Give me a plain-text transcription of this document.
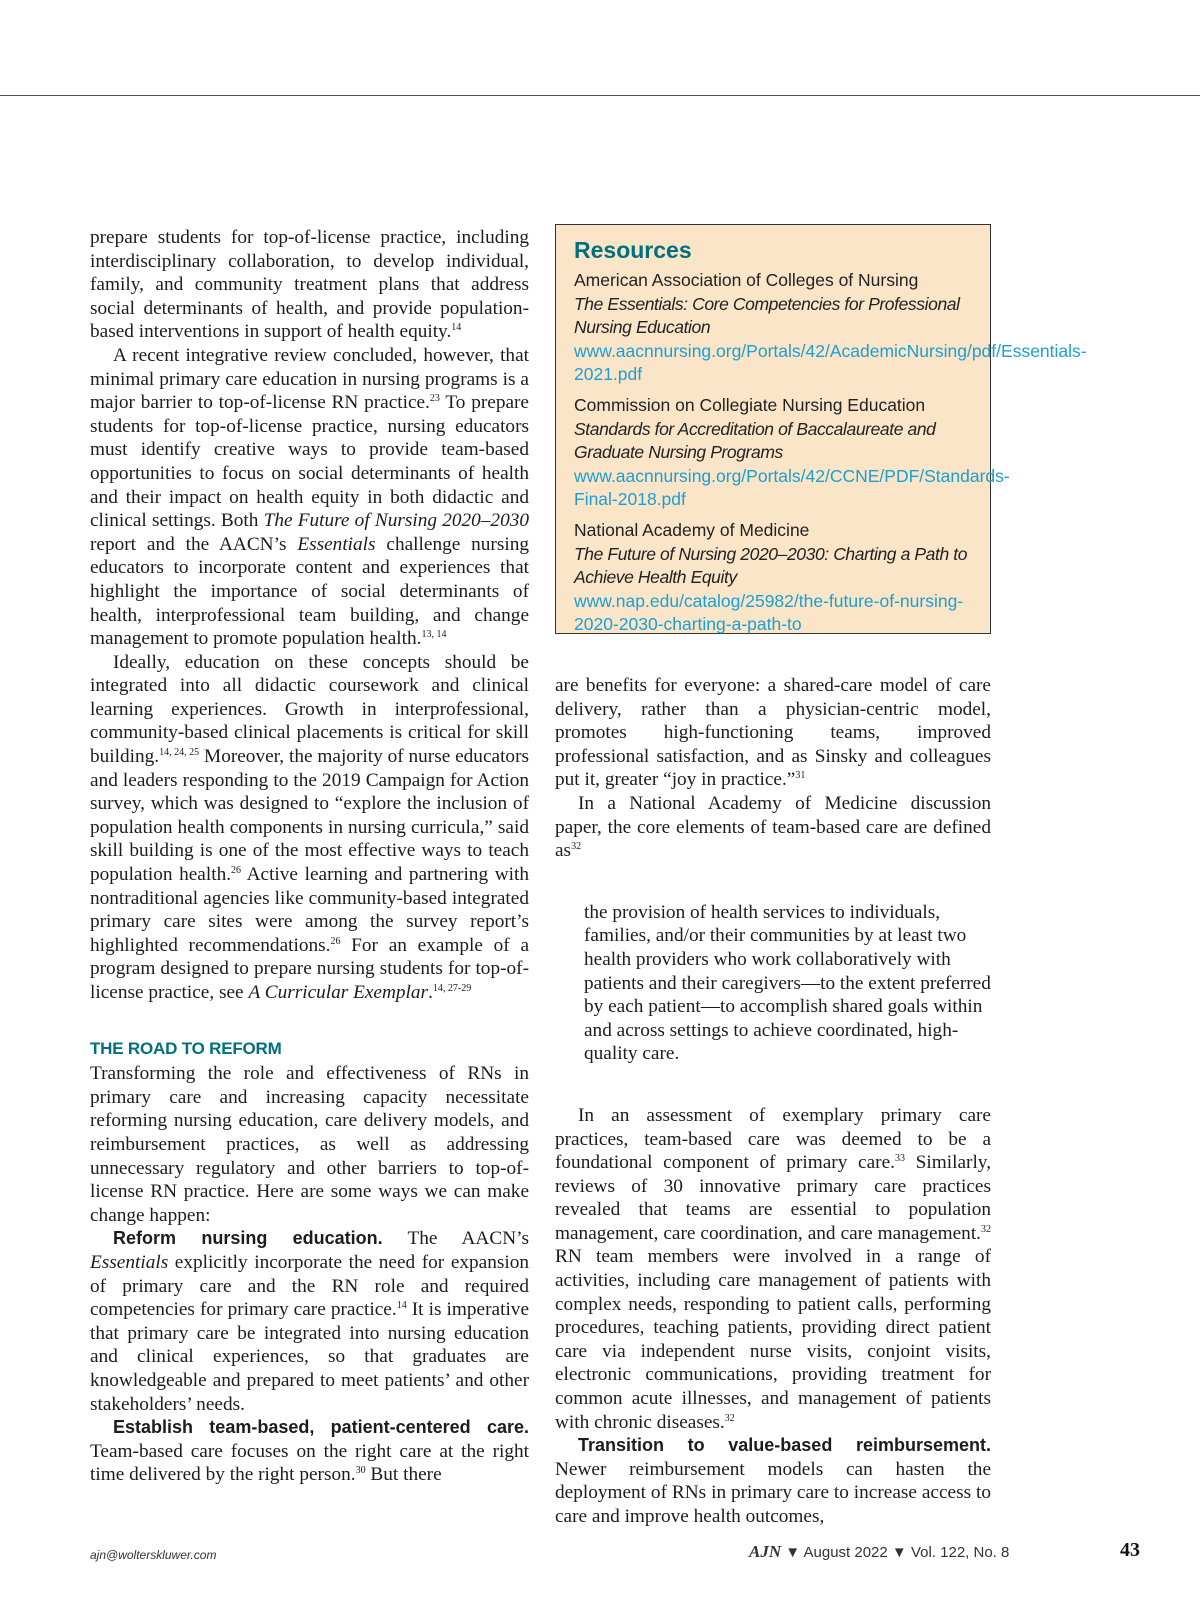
prepare students for top-of-license practice, including interdisciplinary collaboration, to develop individual, family, and community treatment plans that address social determinants of health, and provide population-based interventions in support of health equity.$^{14}$

A recent integrative review concluded, however, that minimal primary care education in nursing programs is a major barrier to top-of-license RN practice.$^{23}$ To prepare students for top-of-license practice, nursing educators must identify creative ways to provide team-based opportunities to focus on social determinants of health and their impact on health equity in both didactic and clinical settings. Both The Future of Nursing 2020–2030 report and the AACN’s Essentials challenge nursing educators to incorporate content and experiences that highlight the importance of social determinants of health, interprofessional team building, and change management to promote population health.$^{13, 14}$

Ideally, education on these concepts should be integrated into all didactic coursework and clinical learning experiences. Growth in interprofessional, community-based clinical placements is critical for skill building.$^{14, 24, 25}$ Moreover, the majority of nurse educators and leaders responding to the 2019 Campaign for Action survey, which was designed to “explore the inclusion of population health components in nursing curricula,” said skill building is one of the most effective ways to teach population health.$^{26}$ Active learning and partnering with nontraditional agencies like community-based integrated primary care sites were among the survey report’s highlighted recommendations.$^{26}$ For an example of a program designed to prepare nursing students for top-of-license practice, see A Curricular Exemplar.$^{14, 27-29}$

THE ROAD TO REFORM

Transforming the role and effectiveness of RNs in primary care and increasing capacity necessitate reforming nursing education, care delivery models, and reimbursement practices, as well as addressing unnecessary regulatory and other barriers to top-of-license RN practice. Here are some ways we can make change happen:

Reform nursing education. The AACN’s Essentials explicitly incorporate the need for expansion of primary care and the RN role and required competencies for primary care practice.$^{14}$ It is imperative that primary care be integrated into nursing education and clinical experiences, so that graduates are knowledgeable and prepared to meet patients’ and other stakeholders’ needs.

Establish team-based, patient-centered care. Team-based care focuses on the right care at the right time delivered by the right person.$^{30}$ But there

Resources
American Association of Colleges of Nursing
The Essentials: Core Competencies for Professional Nursing Education www.aacnnursing.org/Portals/42/AcademicNursing/pdf/Essentials-2021.pdf
Commission on Collegiate Nursing Education
Standards for Accreditation of Baccalaureate and Graduate Nursing Programs www.aacnnursing.org/Portals/42/CCNE/PDF/Standards-Final-2018.pdf
National Academy of Medicine
The Future of Nursing 2020–2030: Charting a Path to Achieve Health Equity www.nap.edu/catalog/25982/the-future-of-nursing-2020-2030-charting-a-path-to

are benefits for everyone: a shared-care model of care delivery, rather than a physician-centric model, promotes high-functioning teams, improved professional satisfaction, and as Sinsky and colleagues put it, greater “joy in practice.”$^{31}$

In a National Academy of Medicine discussion paper, the core elements of team-based care are defined $as^{32}$

the provision of health services to individuals, families, and/or their communities by at least two health providers who work collaboratively with patients and their caregivers—to the extent preferred by each patient—to accomplish shared goals within and across settings to achieve coordinated, high-quality care.

In an assessment of exemplary primary care practices, team-based care was deemed to be a foundational component of primary care.$^{33}$ Similarly, reviews of 30 innovative primary care practices revealed that teams are essential to population management, care coordination, and care management.$^{32}$ RN team members were involved in a range of activities, including care management of patients with complex needs, responding to patient calls, performing procedures, teaching patients, providing direct patient care via independent nurse visits, conjoint visits, electronic communications, providing treatment for common acute illnesses, and management of patients with chronic diseases.$^{32}$

Transition to value-based reimbursement. Newer reimbursement models can hasten the deployment of RNs in primary care to increase access to care and improve health outcomes,

ajn@wolterskluwer.com	AJN ▼ August 2022 ▼ Vol. 122, No. 8	43
